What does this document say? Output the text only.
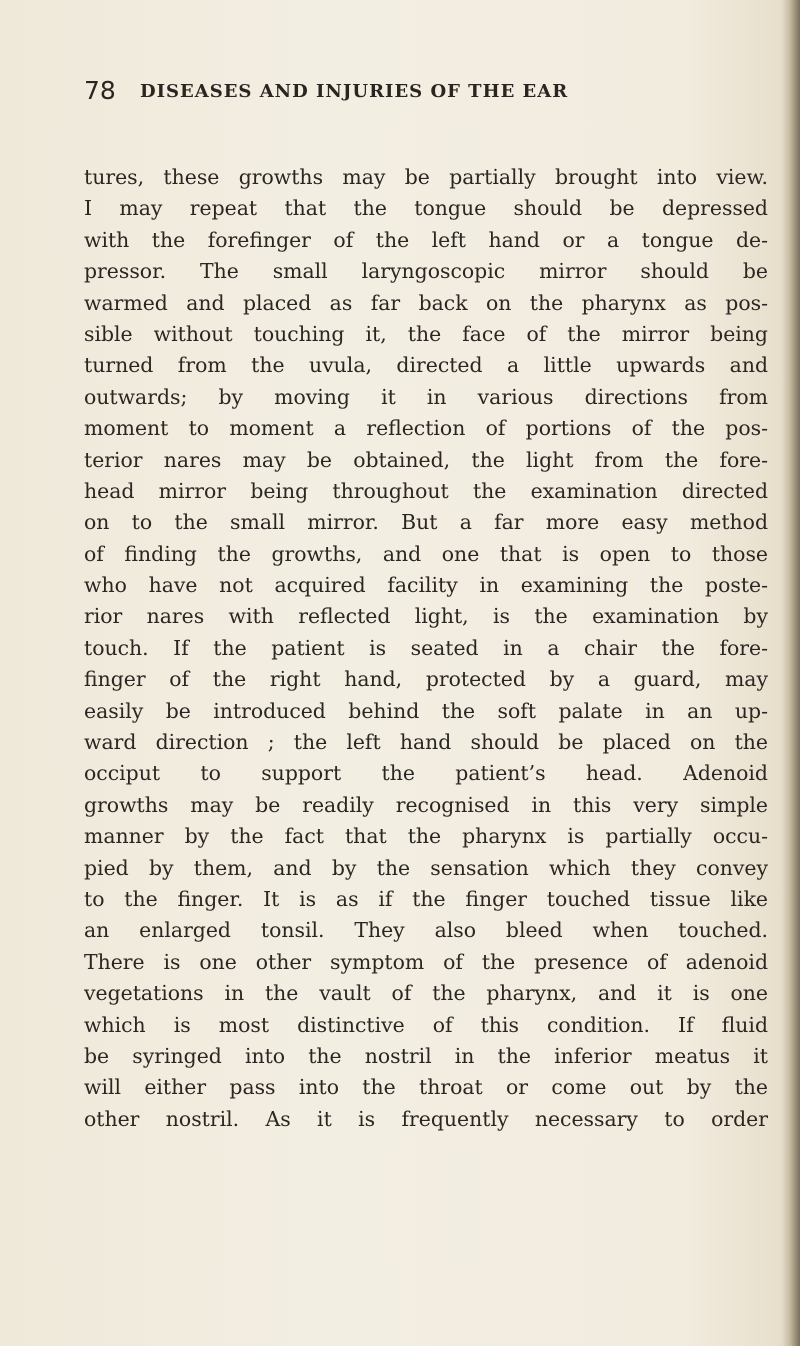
78 DISEASES AND INJURIES OF THE EAR
tures, these growths may be partially brought into view.
I may repeat that the tongue should be depressed
with the forefinger of the left hand or a tongue de-
pressor. The small laryngoscopic mirror should be
warmed and placed as far back on the pharynx as pos-
sible without touching it, the face of the mirror being
turned from the uvula, directed a little upwards and
outwards; by moving it in various directions from
moment to moment a reflection of portions of the pos-
terior nares may be obtained, the light from the fore-
head mirror being throughout the examination directed
on to the small mirror. But a far more easy method
of finding the growths, and one that is open to those
who have not acquired facility in examining the poste-
rior nares with reflected light, is the examination by
touch. If the patient is seated in a chair the fore-
finger of the right hand, protected by a guard, may
easily be introduced behind the soft palate in an up-
ward direction ; the left hand should be placed on the
occiput to support the patient’s head. Adenoid
growths may be readily recognised in this very simple
manner by the fact that the pharynx is partially occu-
pied by them, and by the sensation which they convey
to the finger. It is as if the finger touched tissue like
an enlarged tonsil. They also bleed when touched.
There is one other symptom of the presence of adenoid
vegetations in the vault of the pharynx, and it is one
which is most distinctive of this condition. If fluid
be syringed into the nostril in the inferior meatus it
will either pass into the throat or come out by the
other nostril. As it is frequently necessary to order
